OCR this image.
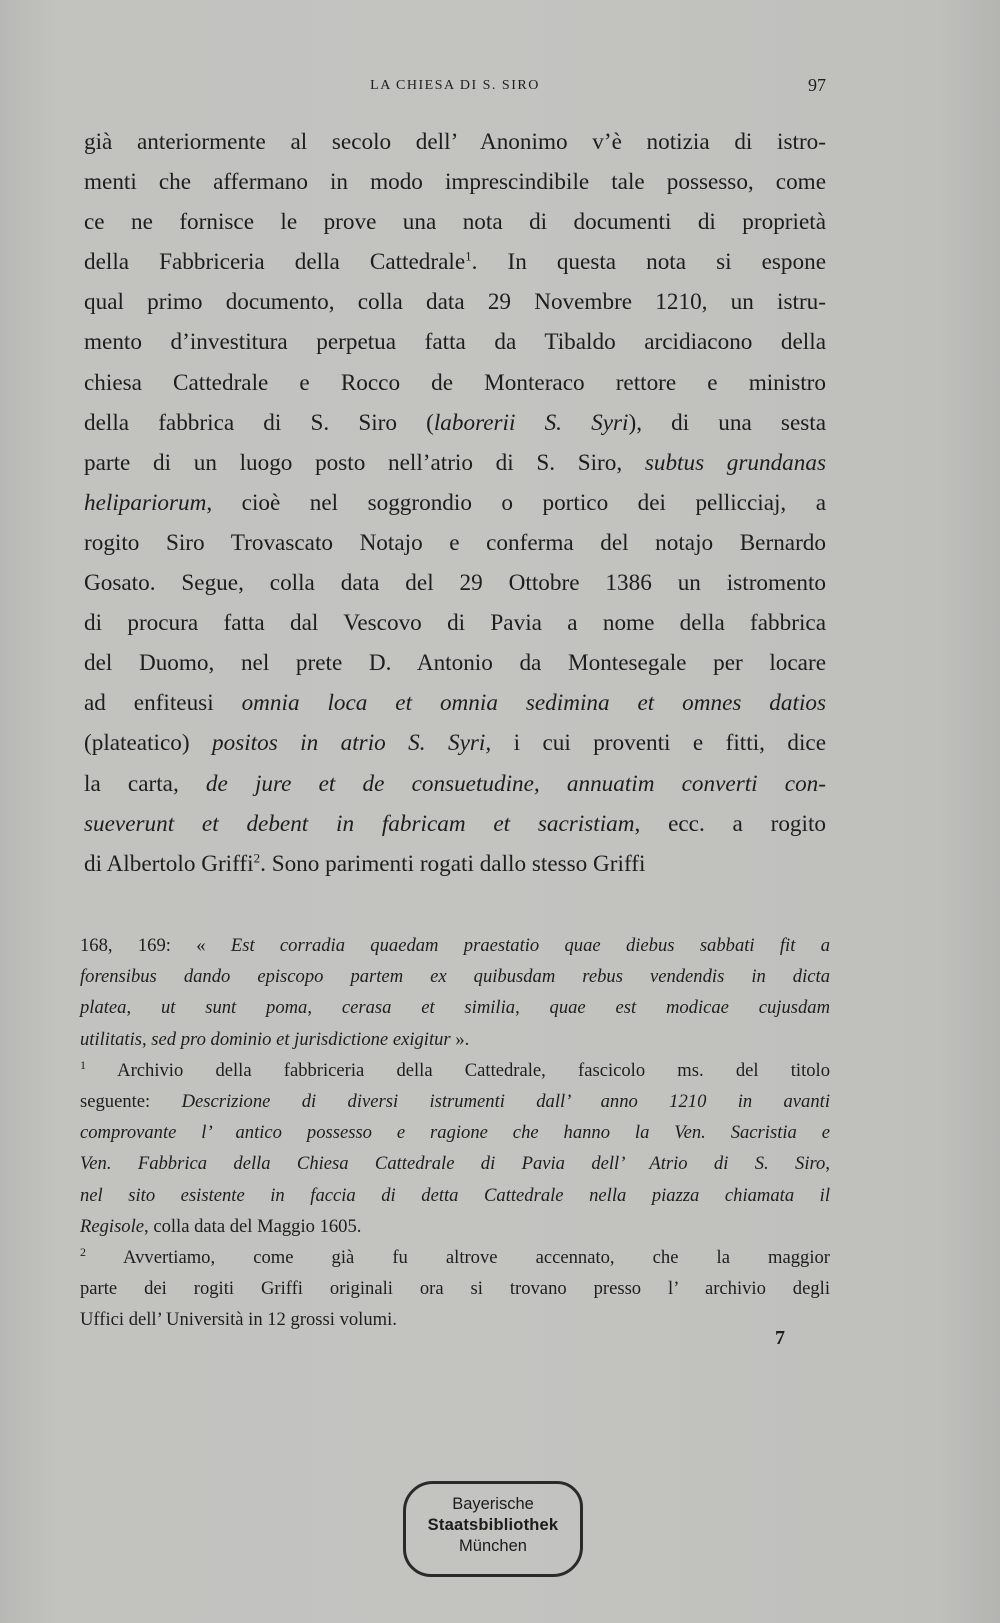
LA CHIESA DI S. SIRO	97
già anteriormente al secolo dell’ Anonimo v’è notizia di istro-
menti che affermano in modo imprescindibile tale possesso, come
ce ne fornisce le prove una nota di documenti di proprietà
della Fabbriceria della Cattedrale$^1$. In questa nota si espone
qual primo documento, colla data 29 Novembre 1210, un istru-
mento d’investitura perpetua fatta da Tibaldo arcidiacono della
chiesa Cattedrale e Rocco de Monteraco rettore e ministro
della fabbrica di S. Siro (laborerii S. Syri), di una sesta
parte di un luogo posto nell’atrio di S. Siro, subtus grundanas
helipariorum, cioè nel soggrondio o portico dei pellicciaj, a
rogito Siro Trovascato Notajo e conferma del notajo Bernardo
Gosato. Segue, colla data del 29 Ottobre 1386 un istromento
di procura fatta dal Vescovo di Pavia a nome della fabbrica
del Duomo, nel prete D. Antonio da Montesegale per locare
ad enfiteusi omnia loca et omnia sedimina et omnes datios
(plateatico) positos in atrio S. Syri, i cui proventi e fitti, dice
la carta, de jure et de consuetudine, annuatim converti con-
sueverunt et debent in fabricam et sacristiam, ecc. a rogito
di Albertolo Griffi$^2$. Sono parimenti rogati dallo stesso Griffi
168, 169: « Est corradia quaedam praestatio quae diebus sabbati fit a
forensibus dando episcopo partem ex quibusdam rebus vendendis in dicta
platea, ut sunt poma, cerasa et similia, quae est modicae cujusdam
utilitatis, sed pro dominio et jurisdictione exigitur ».
$^1$ Archivio della fabbriceria della Cattedrale, fascicolo ms. del titolo
seguente: Descrizione di diversi istrumenti dall’ anno 1210 in avanti
comprovante l’ antico possesso e ragione che hanno la Ven. Sacristia e
Ven. Fabbrica della Chiesa Cattedrale di Pavia dell’ Atrio di S. Siro,
nel sito esistente in faccia di detta Cattedrale nella piazza chiamata il
Regisole, colla data del Maggio 1605.
$^2$ Avvertiamo, come già fu altrove accennato, che la maggior
parte dei rogiti Griffi originali ora si trovano presso l’ archivio degli
Uffici dell’ Università in 12 grossi volumi.
7
Bayerische
Staatsbibliothek
München
